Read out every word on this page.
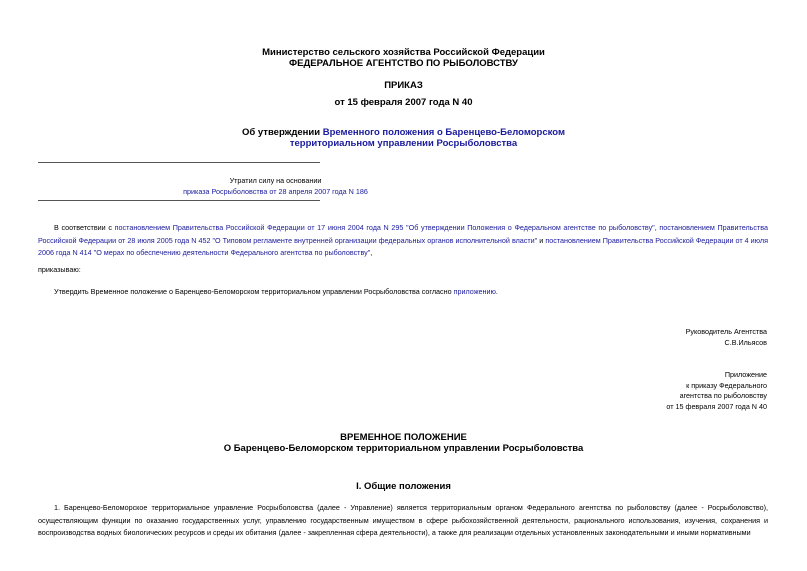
Министерство сельского хозяйства Российской Федерации
ФЕДЕРАЛЬНОЕ АГЕНТСТВО ПО РЫБОЛОВСТВУ
ПРИКАЗ
от 15 февраля 2007 года N 40
Об утверждении Временного положения о Баренцево-Беломорском
территориальном управлении Росрыболовства
Утратил силу на основании
приказа Росрыболовства от 28 апреля 2007 года N 186
В соответствии с постановлением Правительства Российской Федерации от 17 июня 2004 года N 295 "Об утверждении Положения о Федеральном агентстве по рыболовству", постановлением Правительства Российской Федерации от 28 июля 2005 года N 452 "О Типовом регламенте внутренней организации федеральных органов исполнительной власти" и постановлением Правительства Российской Федерации от 4 июля 2006 года N 414 "О мерах по обеспечению деятельности Федерального агентства по рыболовству",
приказываю:
Утвердить Временное положение о Баренцево-Беломорском территориальном управлении Росрыболовства согласно приложению.
Руководитель Агентства
С.В.Ильясов
Приложение
к приказу Федерального
агентства по рыболовству
от 15 февраля 2007 года N 40
ВРЕМЕННОЕ ПОЛОЖЕНИЕ
О Баренцево-Беломорском территориальном управлении Росрыболовства
I. Общие положения
1. Баренцево-Беломорское территориальное управление Росрыболовства (далее - Управление) является территориальным органом Федерального агентства по рыболовству (далее - Росрыболовство), осуществляющим функции по оказанию государственных услуг, управлению государственным имуществом в сфере рыбохозяйственной деятельности, рационального использования, изучения, сохранения и воспроизводства водных биологических ресурсов и среды их обитания (далее - закрепленная сфера деятельности), а также для реализации отдельных установленных законодательными и иными нормативными
